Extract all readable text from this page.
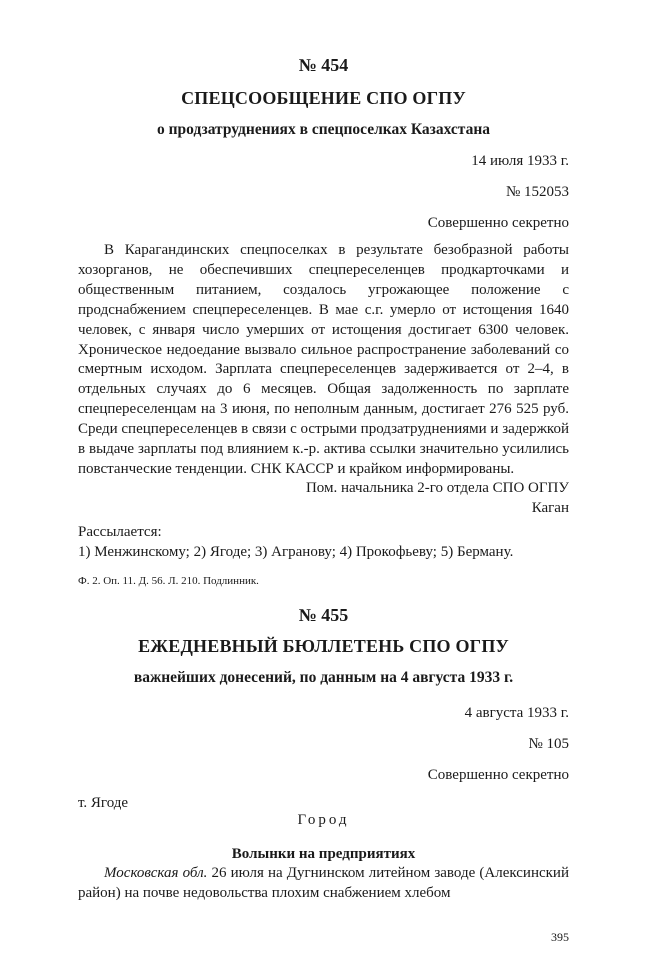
№ 454

СПЕЦСООБЩЕНИЕ СПО ОГПУ

о продзатруднениях в спецпоселках Казахстана

14 июля 1933 г.

№ 152053

Совершенно секретно

В Карагандинских спецпоселках в результате безобразной работы хозорганов, не обеспечивших спецпереселенцев продкарточками и общественным питанием, создалось угрожающее положение с продснабжением спецпереселенцев. В мае с.г. умерло от истощения 1640 человек, с января число умерших от истощения достигает 6300 человек. Хроническое недоедание вызвало сильное распространение заболеваний со смертным исходом. Зарплата спецпереселенцев задерживается от 2–4, в отдельных случаях до 6 месяцев. Общая задолженность по зарплате спецпереселенцам на 3 июня, по неполным данным, достигает 276 525 руб. Среди спецпереселенцев в связи с острыми продзатруднениями и задержкой в выдаче зарплаты под влиянием к.-р. актива ссылки значительно усилились повстанческие тенденции. СНК КАССР и крайком информированы.

Пом. начальника 2-го отдела СПО ОГПУ

Каган

Рассылается:

1) Менжинскому; 2) Ягоде; 3) Агранову; 4) Прокофьеву; 5) Берману.

Ф. 2. Оп. 11. Д. 56. Л. 210. Подлинник.

№ 455

ЕЖЕДНЕВНЫЙ БЮЛЛЕТЕНЬ СПО ОГПУ

важнейших донесений, по данным на 4 августа 1933 г.

4 августа 1933 г.

№ 105

Совершенно секретно

т. Ягоде

Город

Волынки на предприятиях

Московская обл. 26 июля на Дугнинском литейном заводе (Алексинский район) на почве недовольства плохим снабжением хлебом

395
